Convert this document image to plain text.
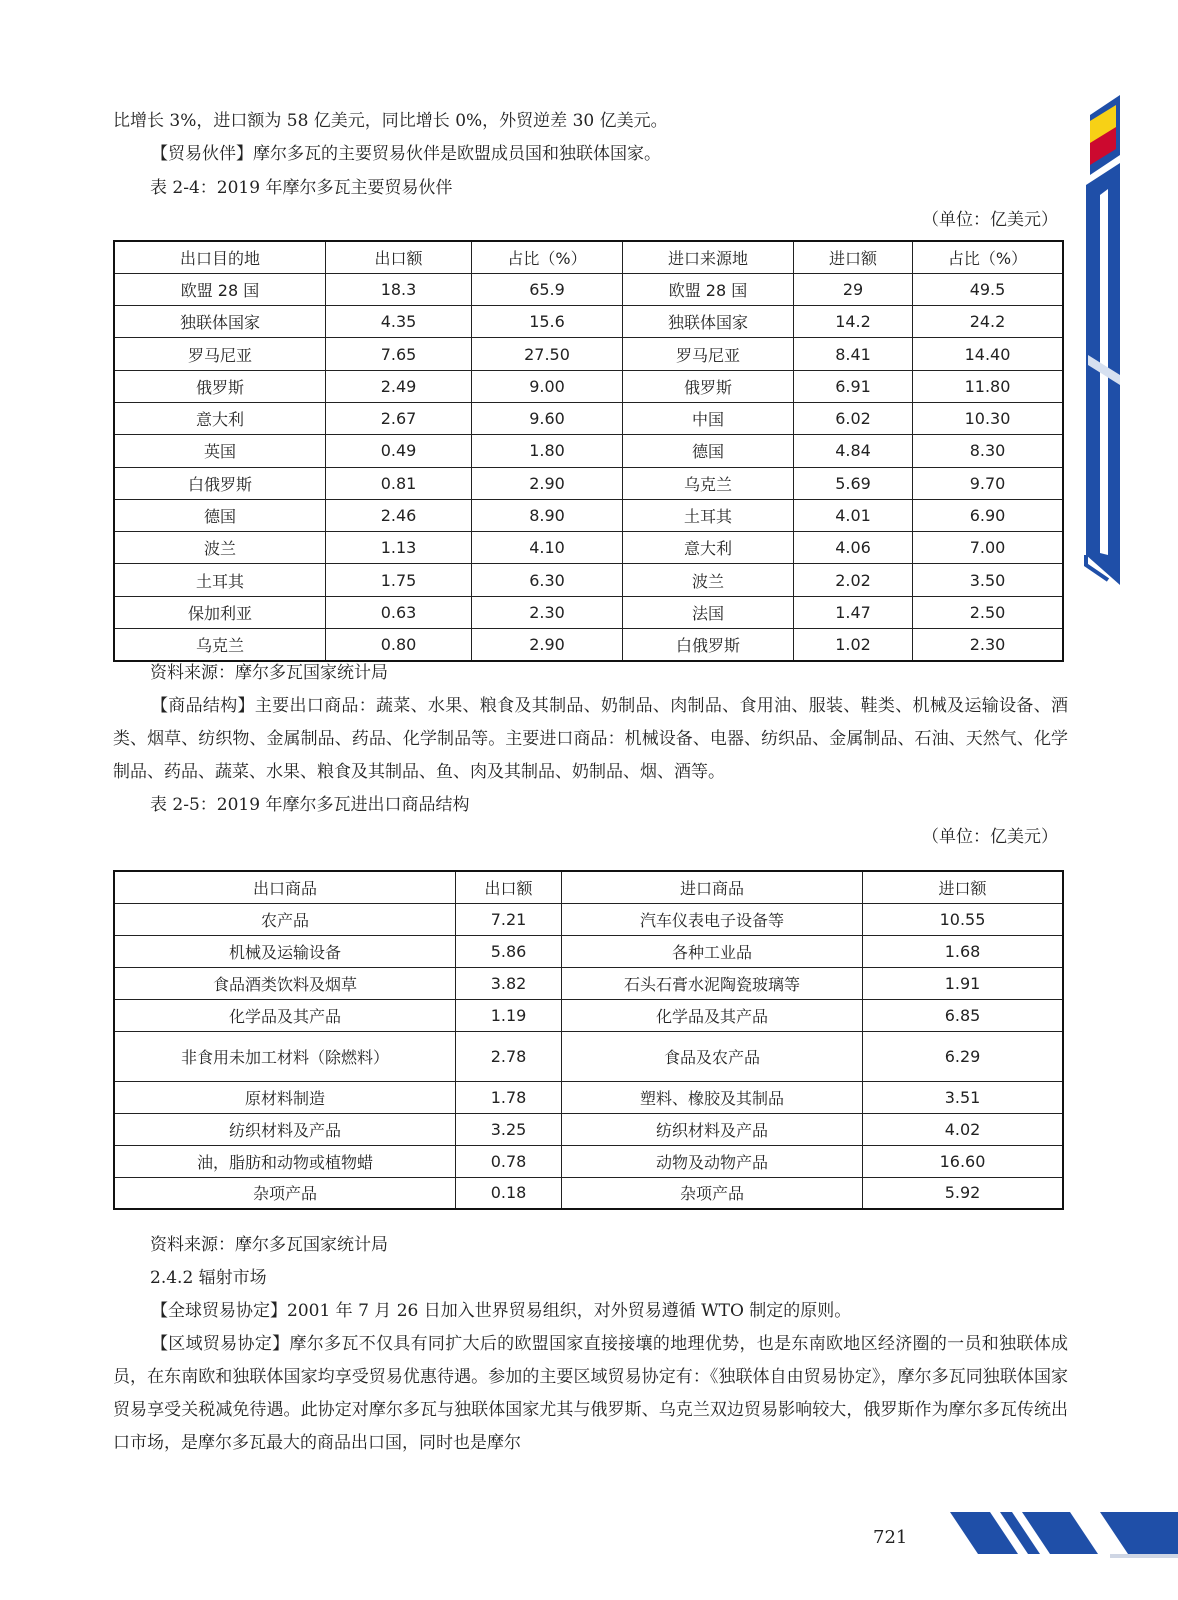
比增长 3%，进口额为 58 亿美元，同比增长 0%，外贸逆差 30 亿美元。

【贸易伙伴】摩尔多瓦的主要贸易伙伴是欧盟成员国和独联体国家。

表 2-4：2019 年摩尔多瓦主要贸易伙伴

（单位：亿美元）

出口目的地	出口额	占比（%）	进口来源地	进口额	占比（%）
欧盟 28 国	18.3	65.9	欧盟 28 国	29	49.5
独联体国家	4.35	15.6	独联体国家	14.2	24.2
罗马尼亚	7.65	27.50	罗马尼亚	8.41	14.40
俄罗斯	2.49	9.00	俄罗斯	6.91	11.80
意大利	2.67	9.60	中国	6.02	10.30
英国	0.49	1.80	德国	4.84	8.30
白俄罗斯	0.81	2.90	乌克兰	5.69	9.70
德国	2.46	8.90	土耳其	4.01	6.90
波兰	1.13	4.10	意大利	4.06	7.00
土耳其	1.75	6.30	波兰	2.02	3.50
保加利亚	0.63	2.30	法国	1.47	2.50
乌克兰	0.80	2.90	白俄罗斯	1.02	2.30

资料来源：摩尔多瓦国家统计局

【商品结构】主要出口商品：蔬菜、水果、粮食及其制品、奶制品、肉制品、食用油、服装、鞋类、机械及运输设备、酒类、烟草、纺织物、金属制品、药品、化学制品等。主要进口商品：机械设备、电器、纺织品、金属制品、石油、天然气、化学制品、药品、蔬菜、水果、粮食及其制品、鱼、肉及其制品、奶制品、烟、酒等。

表 2-5：2019 年摩尔多瓦进出口商品结构

（单位：亿美元）

出口商品	出口额	进口商品	进口额
农产品	7.21	汽车仪表电子设备等	10.55
机械及运输设备	5.86	各种工业品	1.68
食品酒类饮料及烟草	3.82	石头石膏水泥陶瓷玻璃等	1.91
化学品及其产品	1.19	化学品及其产品	6.85
非食用未加工材料（除燃料）	2.78	食品及农产品	6.29
原材料制造	1.78	塑料、橡胶及其制品	3.51
纺织材料及产品	3.25	纺织材料及产品	4.02
油，脂肪和动物或植物蜡	0.78	动物及动物产品	16.60
杂项产品	0.18	杂项产品	5.92

资料来源：摩尔多瓦国家统计局

2.4.2 辐射市场

【全球贸易协定】2001 年 7 月 26 日加入世界贸易组织，对外贸易遵循 WTO 制定的原则。

【区域贸易协定】摩尔多瓦不仅具有同扩大后的欧盟国家直接接壤的地理优势，也是东南欧地区经济圈的一员和独联体成员，在东南欧和独联体国家均享受贸易优惠待遇。参加的主要区域贸易协定有：《独联体自由贸易协定》，摩尔多瓦同独联体国家贸易享受关税减免待遇。此协定对摩尔多瓦与独联体国家尤其与俄罗斯、乌克兰双边贸易影响较大，俄罗斯作为摩尔多瓦传统出口市场，是摩尔多瓦最大的商品出口国，同时也是摩尔

721
